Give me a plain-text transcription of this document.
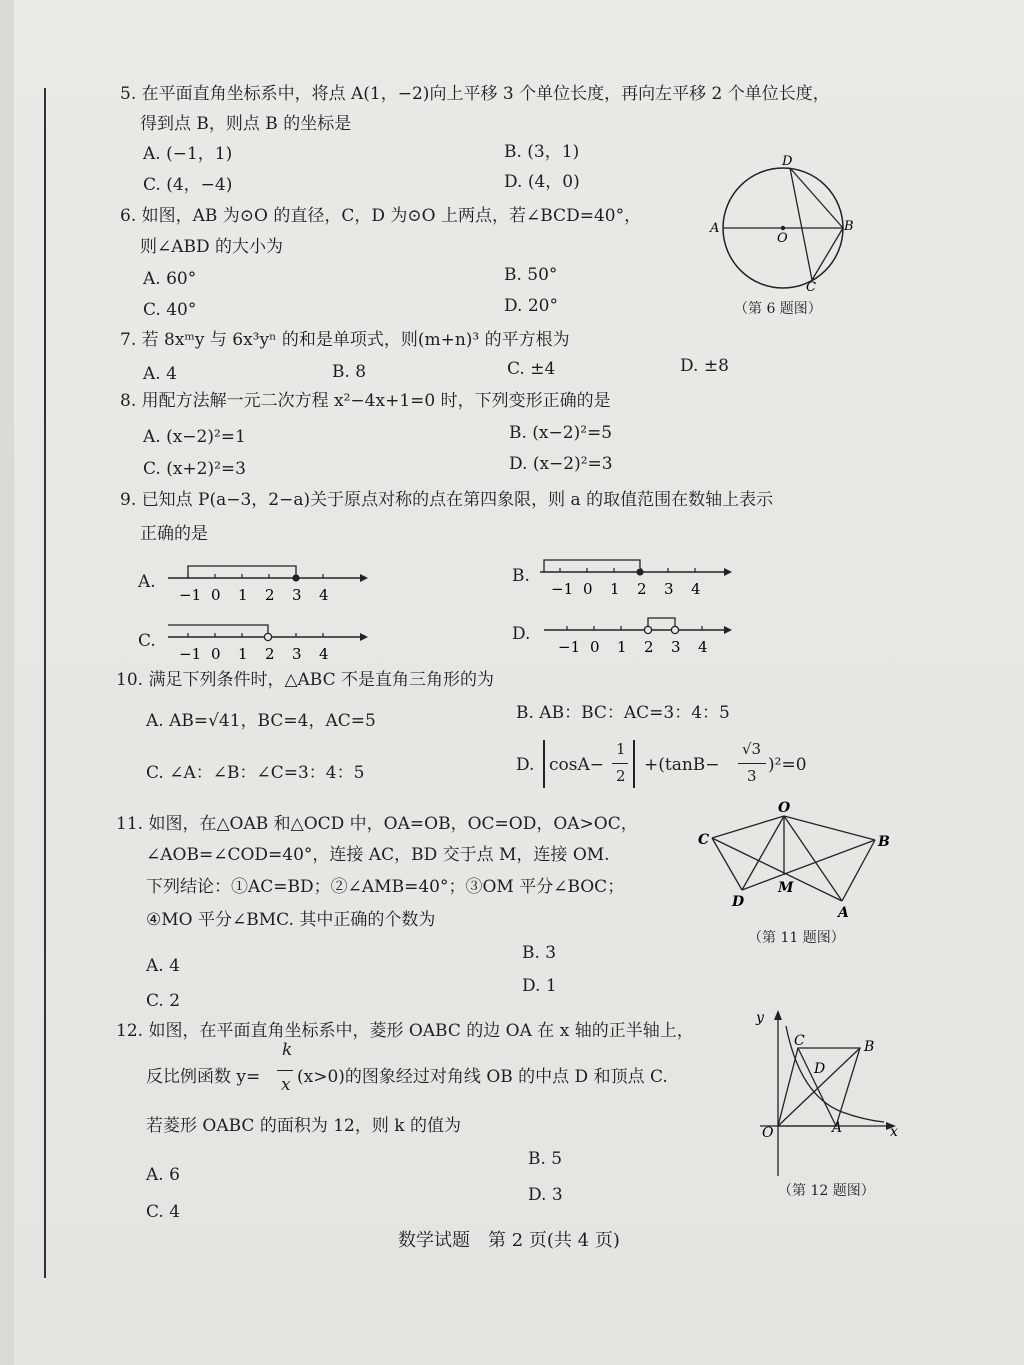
5. 在平面直角坐标系中，将点 A(1，−2)向上平移 3 个单位长度，再向左平移 2 个单位长度，
得到点 B，则点 B 的坐标是
A. (−1，1)	B. (3，1)
C. (4，−4)	D. (4，0)
6. 如图，AB 为⊙O 的直径，C，D 为⊙O 上两点，若∠BCD=40°，
则∠ABD 的大小为
A. 60°	B. 50°
C. 40°	D. 20°
A	B
C
D
O
（第 6 题图）
7. 若 8xᵐy 与 6x³yⁿ 的和是单项式，则(m+n)³ 的平方根为
A. 4	B. 8	C. ±4	D. ±8
8. 用配方法解一元二次方程 x²−4x+1=0 时，下列变形正确的是
A. (x−2)²=1	B. (x−2)²=5
C. (x+2)²=3	D. (x−2)²=3
9. 已知点 P(a−3，2−a)关于原点对称的点在第四象限，则 a 的取值范围在数轴上表示
正确的是
A.
−1 0 1 2 3 4
B.
−1 0 1 2 3 4
C.
−1 0 1 2 3 4
D.
−1 0 1 2 3 4
10. 满足下列条件时，△ABC 不是直角三角形的为
A. AB=√41，BC=4，AC=5	B. AB：BC：AC=3：4：5
C. ∠A：∠B：∠C=3：4：5	D. cosA−
1
2
+(tanB−
√3
3
)²=0
11. 如图，在△OAB 和△OCD 中，OA=OB，OC=OD，OA>OC，
∠AOB=∠COD=40°，连接 AC，BD 交于点 M，连接 OM.
下列结论：①AC=BD；②∠AMB=40°；③OM 平分∠BOC；
④MO 平分∠BMC. 其中正确的个数为
A. 4
B. 3
C. 2
D. 1
O
C	B
M
D
A
（第 11 题图）
12. 如图，在平面直角坐标系中，菱形 OABC 的边 OA 在 x 轴的正半轴上，
反比例函数 y=
k
x (x>0)的图象经过对角线 OB 的中点 D 和顶点 C.
若菱形 OABC 的面积为 12，则 k 的值为
A. 6
B. 5
C. 4
D. 3
y
x
O	A
B
C
D
（第 12 题图）
数学试题　第 2 页(共 4 页)
